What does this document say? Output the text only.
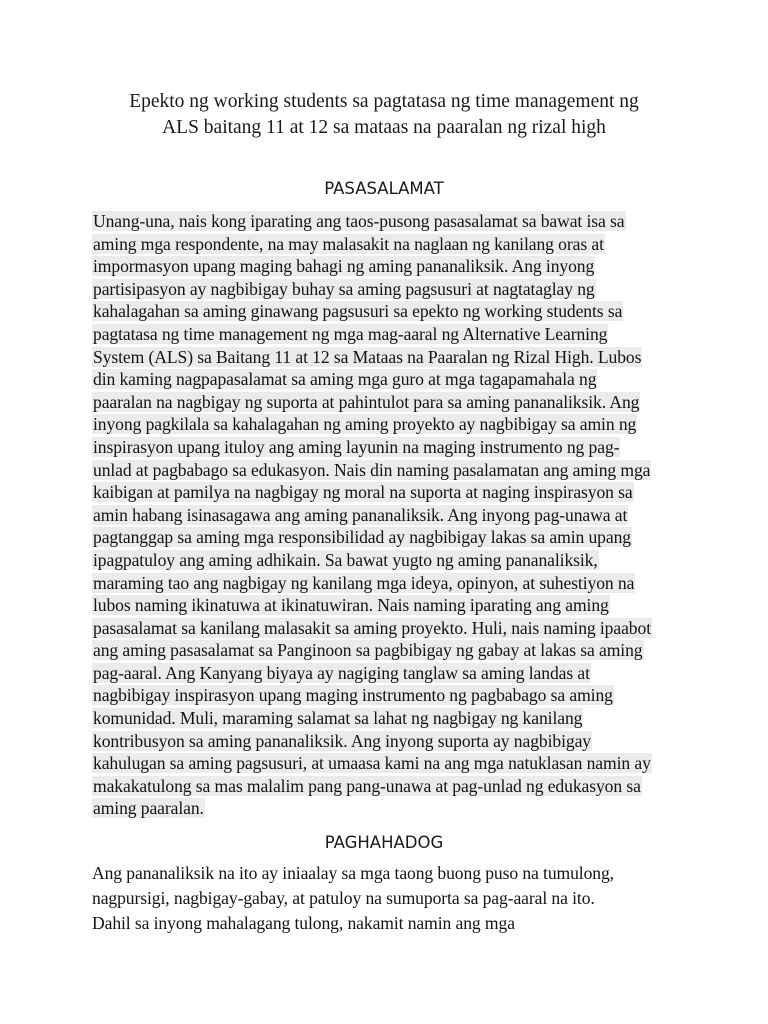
Epekto ng working students sa pagtatasa ng time management ng
ALS baitang 11 at 12 sa mataas na paaralan ng rizal high
PASASALAMAT
Unang-una, nais kong iparating ang taos-pusong pasasalamat sa bawat isa sa
aming mga respondente, na may malasakit na naglaan ng kanilang oras at
impormasyon upang maging bahagi ng aming pananaliksik. Ang inyong
partisipasyon ay nagbibigay buhay sa aming pagsusuri at nagtataglay ng
kahalagahan sa aming ginawang pagsusuri sa epekto ng working students sa
pagtatasa ng time management ng mga mag-aaral ng Alternative Learning
System (ALS) sa Baitang 11 at 12 sa Mataas na Paaralan ng Rizal High. Lubos
din kaming nagpapasalamat sa aming mga guro at mga tagapamahala ng
paaralan na nagbigay ng suporta at pahintulot para sa aming pananaliksik. Ang
inyong pagkilala sa kahalagahan ng aming proyekto ay nagbibigay sa amin ng
inspirasyon upang ituloy ang aming layunin na maging instrumento ng pag-
unlad at pagbabago sa edukasyon. Nais din naming pasalamatan ang aming mga
kaibigan at pamilya na nagbigay ng moral na suporta at naging inspirasyon sa
amin habang isinasagawa ang aming pananaliksik. Ang inyong pag-unawa at
pagtanggap sa aming mga responsibilidad ay nagbibigay lakas sa amin upang
ipagpatuloy ang aming adhikain. Sa bawat yugto ng aming pananaliksik,
maraming tao ang nagbigay ng kanilang mga ideya, opinyon, at suhestiyon na
lubos naming ikinatuwa at ikinatuwiran. Nais naming iparating ang aming
pasasalamat sa kanilang malasakit sa aming proyekto. Huli, nais naming ipaabot
ang aming pasasalamat sa Panginoon sa pagbibigay ng gabay at lakas sa aming
pag-aaral. Ang Kanyang biyaya ay nagiging tanglaw sa aming landas at
nagbibigay inspirasyon upang maging instrumento ng pagbabago sa aming
komunidad. Muli, maraming salamat sa lahat ng nagbigay ng kanilang
kontribusyon sa aming pananaliksik. Ang inyong suporta ay nagbibigay
kahulugan sa aming pagsusuri, at umaasa kami na ang mga natuklasan namin ay
makakatulong sa mas malalim pang pang-unawa at pag-unlad ng edukasyon sa
aming paaralan.
PAGHAHADOG
Ang pananaliksik na ito ay iniaalay sa mga taong buong puso na tumulong,
nagpursigi, nagbigay-gabay, at patuloy na sumuporta sa pag-aaral na ito.
Dahil sa inyong mahalagang tulong, nakamit namin ang mga
